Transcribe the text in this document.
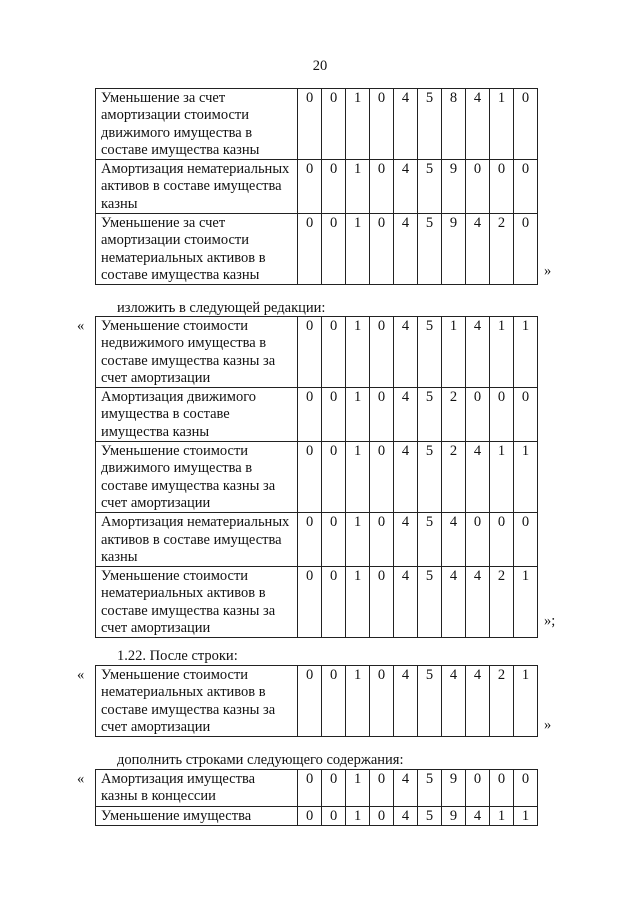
20
Уменьшение за счет амортизации стоимости движимого имущества в составе имущества казны	0	0	1	0	4	5	8	4	1	0
Амортизация нематериальных активов в составе имущества казны	0	0	1	0	4	5	9	0	0	0
Уменьшение за счет амортизации стоимости нематериальных активов в составе имущества казны	0	0	1	0	4	5	9	4	2	0
»
изложить в следующей редакции:
« Уменьшение стоимости недвижимого имущества в составе имущества казны за счет амортизации	0	0	1	0	4	5	1	4	1	1
Амортизация движимого имущества в составе имущества казны	0	0	1	0	4	5	2	0	0	0
Уменьшение стоимости движимого имущества в составе имущества казны за счет амортизации	0	0	1	0	4	5	2	4	1	1
Амортизация нематериальных активов в составе имущества казны	0	0	1	0	4	5	4	0	0	0
Уменьшение стоимости нематериальных активов в составе имущества казны за счет амортизации	0	0	1	0	4	5	4	4	2	1
»;
1.22. После строки:
« Уменьшение стоимости нематериальных активов в составе имущества казны за счет амортизации	0	0	1	0	4	5	4	4	2	1
»
дополнить строками следующего содержания:
« Амортизация имущества казны в концессии	0	0	1	0	4	5	9	0	0	0
Уменьшение имущества	0	0	1	0	4	5	9	4	1	1
